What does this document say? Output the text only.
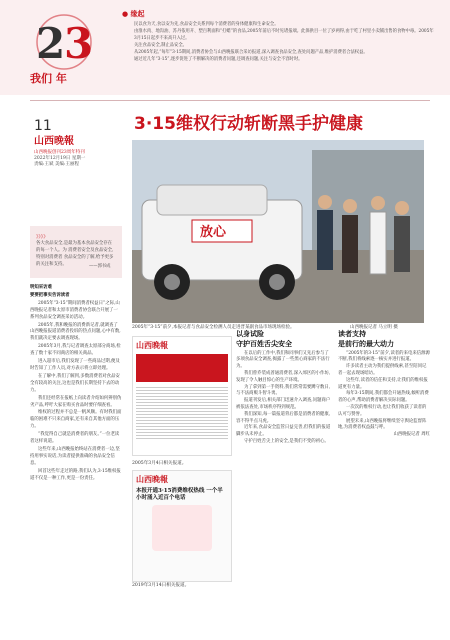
2
3
我们 年
● 缘起

民以食为天,食以安为先,食品安全关系到每个消费者的身体健康和生命安全。

由淮水肉、地沟油、苏丹依用开、塑百利面和“打蜡”的食品,2005年前后不时见诸报端。此保供目一位了岁两得,由于吃了村里小卖铺出售的食物中毒。2005年3月15日起步不来高升入过。

关注食品安全,制止品安全。

从2005年起,“每年”3·15期间,消费者协会与山西晚报联合采访报道,深入调查食品安全,查处问题产品,维护消费者合法权益。

通过近几年“3·15”,逐步促进了不断解决的消费者问题,还调查问题,关注与安全不容时时。

11
山西晚報
山西晚报创刊23周年特刊
2022年12月19日 星期一
责编:王斌 美编:王丽程
3·15维权行动斩断黑手护健康
放心
2005年“3·15”前夕,本报记者与食品安全检测人员走进晋某副食品市场现场检验。	山西晚报记者 马立明 摄
》》》》
各大食品安全,是最为基本食品安全存在的每一个人。为 消费者安全及食品安全,特别对消费者 食品安全的了解,给予更多的关注和支持。	——郭书成

明知采访难

要要把事实告诉读者

2005年“3·15”期间消费者权益日”之际,山西晚报记者和太原市消费者协会联合开展了一系列食品安全调查采访活动。

2005年,我和晚报的消费新记者,就调查了山西晚报报道消费者投诉的热点问题,心中有数,我们就决定要去调查现场。

2005年3月,我与记者调查太原部分商场,检查了数十家不同商店的相关商品。

进入超市后,我们发现了一些商品过期,便及时告知了工作人员,对方表示将立即处理。

在了解中,我们了解到,多数消费者对食品安全有较高的关注,这也是我们长期坚持下去的动力。

我们还经常在报纸上向读者介绍如何辨别伪劣产品,呼吁大家在购买食品时要仔细查看。

维权的过程并不总是一帆风顺。有时我们面临的困难不只来自商家,还有来自其他方面的压力。

“我觉得自己就是消费者的朋友。”一位老读者这样说道。

这些年来,山西晚报始终站在消费者一边,坚持用事实说话,为读者提供准确的食品安全信息。

回首这些年走过的路,我们认为,3·15维权报道不仅是一种工作,更是一份责任。

山西晚報
2005年3月4日相关报道。
山西晚報
本报开通3·15消费维权热线 一个半小时涌入近百个电话
2019年3月14日相关报道。

以身试险

守护百姓舌尖安全

在以后的工作中,我们和同事们又先后参与了多项食品安全调查,揭露了一些黑心商家的不法行为。

我们曾乔装成普通消费者,深入郊区的小作坊,发现了令人触目惊心的生产环境。

为了拿到第一手资料,我们常常需要蹲守数日,与不法商贩斗智斗勇。

报道刊发后,相关部门迅速介入调查,问题商户被依法查处,市场秩序得到规范。

我们深知,每一篇报道背后都是消费者的健康,容不得半点马虎。

近年来,食品安全监管日益完善,但我们的报道脚步从未停止。

守护百姓舌尖上的安全,是我们不变的初心。

读者支持

是前行的最大动力

“2005年的3·15”前夕,读者的来电来信源源不断,我们将线索逐一核实并进行报道。

许多读者主动为我们提供线索,甚至陪同记者一起去现场暗访。

这些年,读者的信任和支持,让我们的维权报道更有力量。

每年3·15期间,我们都会开通热线,倾听消费者的心声,帮助消费者解决实际问题。

一次次的维权行动,也让我们收获了读者的认可与赞誉。

展望未来,山西晚报将继续坚守舆论监督阵地,为消费者权益鼓与呼。

山西晚报记者 周红
